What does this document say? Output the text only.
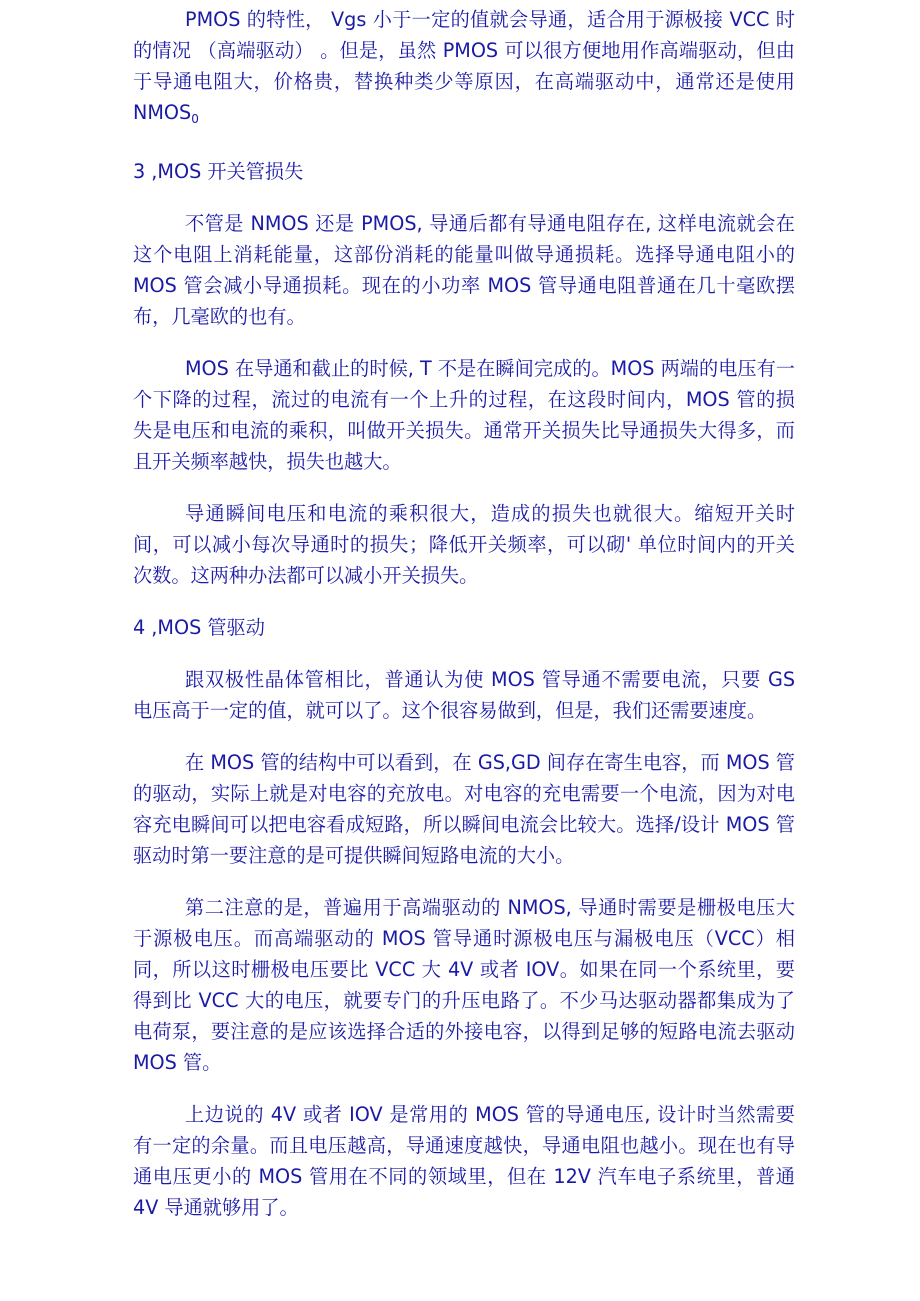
PMOS 的特性， Vgs 小于一定的值就会导通，适合用于源极接 VCC 时的情况 （高端驱动） 。但是，虽然 PMOS 可以很方便地用作高端驱动，但由于导通电阻大，价格贵，替换种类少等原因，在高端驱动中，通常还是使用 $NMOS_0$

3 ,MOS 开关管损失

不管是 NMOS 还是 PMOS, 导通后都有导通电阻存在, 这样电流就会在这个电阻上消耗能量，这部份消耗的能量叫做导通损耗。选择导通电阻小的 MOS 管会减小导通损耗。现在的小功率 MOS 管导通电阻普通在几十毫欧摆布，几毫欧的也有。

MOS 在导通和截止的时候, T 不是在瞬间完成的。MOS 两端的电压有一个下降的过程，流过的电流有一个上升的过程，在这段时间内，MOS 管的损失是电压和电流的乘积，叫做开关损失。通常开关损失比导通损失大得多，而且开关频率越快，损失也越大。

导通瞬间电压和电流的乘积很大，造成的损失也就很大。缩短开关时间，可以减小每次导通时的损失；降低开关频率，可以砌' 单位时间内的开关次数。这两种办法都可以减小开关损失。

4 ,MOS 管驱动

跟双极性晶体管相比，普通认为使 MOS 管导通不需要电流，只要 GS 电压高于一定的值，就可以了。这个很容易做到，但是，我们还需要速度。

在 MOS 管的结构中可以看到，在 GS,GD 间存在寄生电容，而 MOS 管的驱动，实际上就是对电容的充放电。对电容的充电需要一个电流，因为对电容充电瞬间可以把电容看成短路，所以瞬间电流会比较大。选择/设计 MOS 管驱动时第一要注意的是可提供瞬间短路电流的大小。

第二注意的是，普遍用于高端驱动的 NMOS, 导通时需要是栅极电压大于源极电压。而高端驱动的 MOS 管导通时源极电压与漏极电压（VCC）相同，所以这时栅极电压要比 VCC 大 4V 或者 IOV。如果在同一个系统里，要得到比 VCC 大的电压，就要专门的升压电路了。不少马达驱动器都集成为了电荷泵，要注意的是应该选择合适的外接电容，以得到足够的短路电流去驱动 MOS 管。

上边说的 4V 或者 IOV 是常用的 MOS 管的导通电压, 设计时当然需要有一定的余量。而且电压越高，导通速度越快，导通电阻也越小。现在也有导通电压更小的 MOS 管用在不同的领域里，但在 12V 汽车电子系统里，普通 4V 导通就够用了。
